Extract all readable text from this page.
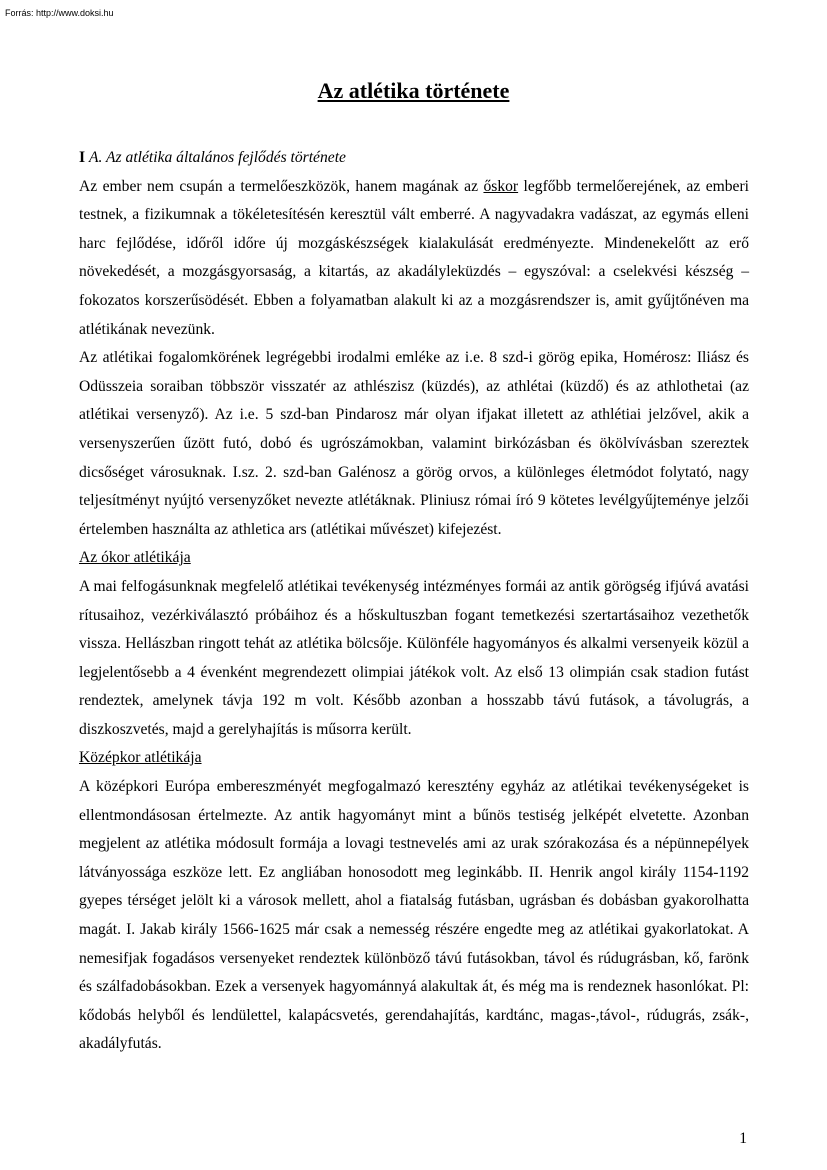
Forrás: http://www.doksi.hu
Az atlétika története
I A. Az atlétika általános fejlődés története

Az ember nem csupán a termelőeszközök, hanem magának az őskor legfőbb termelőerejének, az emberi testnek, a fizikumnak a tökéletesítésén keresztül vált emberré. A nagyvadakra vadászat, az egymás elleni harc fejlődése, időről időre új mozgáskészségek kialakulását eredményezte. Mindenekelőtt az erő növekedését, a mozgásgyorsaság, a kitartás, az akadályleküzdés – egyszóval: a cselekvési készség – fokozatos korszerűsödését. Ebben a folyamatban alakult ki az a mozgásrendszer is, amit gyűjtőnéven ma atlétikának nevezünk.

Az atlétikai fogalomkörének legrégebbi irodalmi emléke az i.e. 8 szd-i görög epika, Homérosz: Iliász és Odüsszeia soraiban többször visszatér az athlészisz (küzdés), az athlétai (küzdő) és az athlothetai (az atlétikai versenyző). Az i.e. 5 szd-ban Pindarosz már olyan ifjakat illetett az athlétiai jelzővel, akik a versenyszerűen űzött futó, dobó és ugrószámokban, valamint birkózásban és ökölvívásban szereztek dicsőséget városuknak. I.sz. 2. szd-ban Galénosz a görög orvos, a különleges életmódot folytató, nagy teljesítményt nyújtó versenyzőket nevezte atlétáknak. Pliniusz római író 9 kötetes levélgyűjteménye jelzői értelemben használta az athletica ars (atlétikai művészet) kifejezést.

Az ókor atlétikája

A mai felfogásunknak megfelelő atlétikai tevékenység intézményes formái az antik görögség ifjúvá avatási rítusaihoz, vezérkiválasztó próbáihoz és a hőskultuszban fogant temetkezési szertartásaihoz vezethetők vissza. Hellászban ringott tehát az atlétika bölcsője. Különféle hagyományos és alkalmi versenyeik közül a legjelentősebb a 4 évenként megrendezett olimpiai játékok volt. Az első 13 olimpián csak stadion futást rendeztek, amelynek távja 192 m volt. Később azonban a hosszabb távú futások, a távolugrás, a diszkoszvetés, majd a gerelyhajítás is műsorra került.

Középkor atlétikája

A középkori Európa embereszményét megfogalmazó keresztény egyház az atlétikai tevékenységeket is ellentmondásosan értelmezte. Az antik hagyományt mint a bűnös testiség jelképét elvetette. Azonban megjelent az atlétika módosult formája a lovagi testnevelés ami az urak szórakozása és a népünnepélyek látványossága eszköze lett. Ez angliában honosodott meg leginkább. II. Henrik angol király 1154-1192 gyepes térséget jelölt ki a városok mellett, ahol a fiatalság futásban, ugrásban és dobásban gyakorolhatta magát. I. Jakab király 1566-1625 már csak a nemesség részére engedte meg az atlétikai gyakorlatokat. A nemesifjak fogadásos versenyeket rendeztek különböző távú futásokban, távol és rúdugrásban, kő, farönk és szálfadobásokban. Ezek a versenyek hagyománnyá alakultak át, és még ma is rendeznek hasonlókat. Pl: kődobás helyből és lendülettel, kalapácsvetés, gerendahajítás, kardtánc, magas-,távol-, rúdugrás, zsák-, akadályfutás.

1
